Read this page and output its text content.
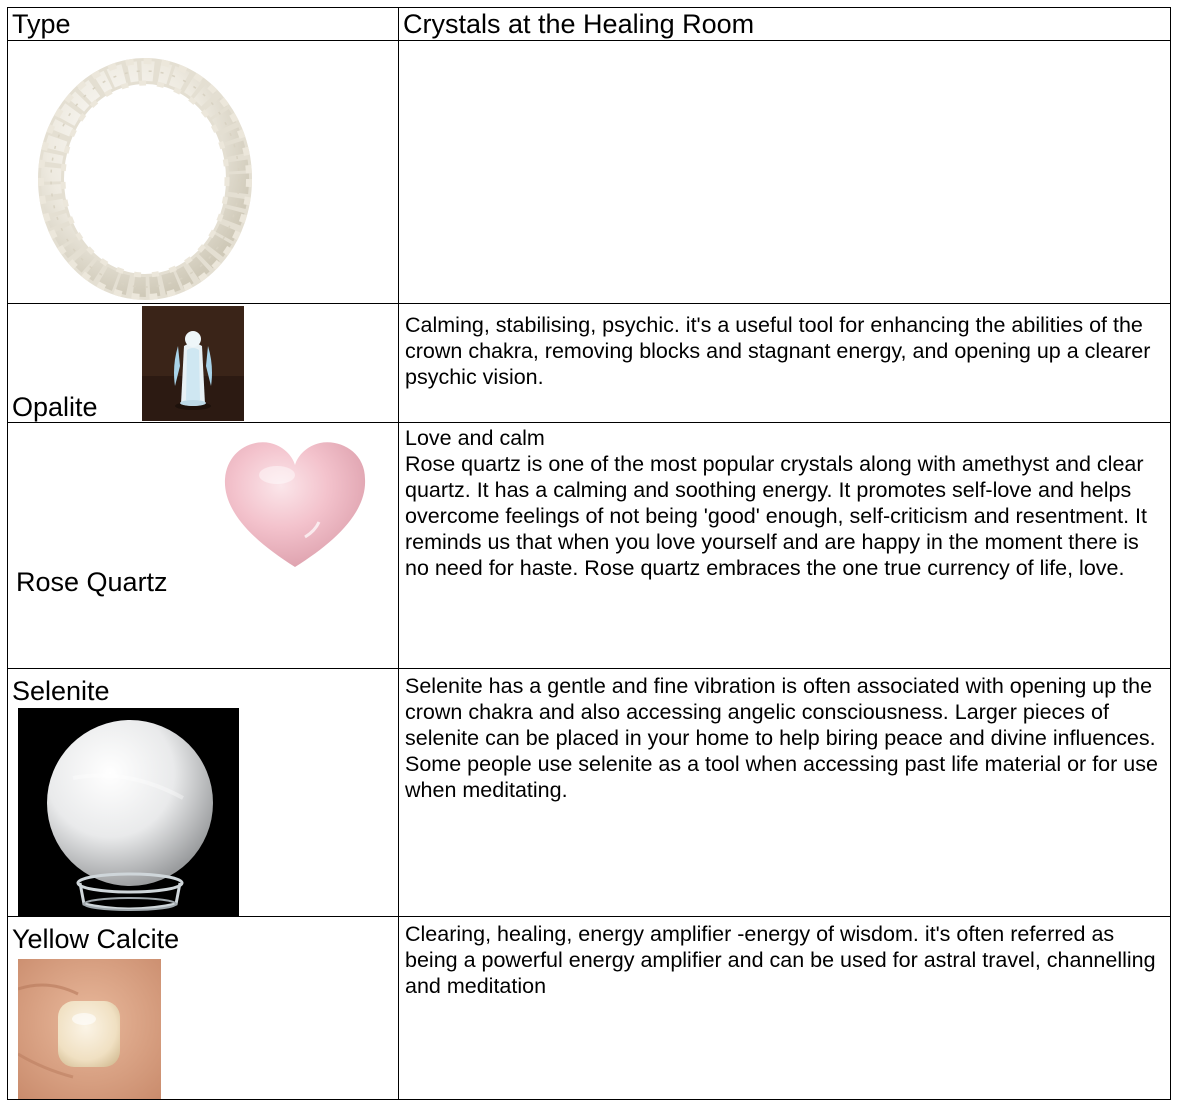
Type	Crystals at the Healing Room

Opalite	Calming, stabilising, psychic. it's a useful tool for enhancing the abilities of the crown chakra, removing blocks and stagnant energy, and opening up a clearer psychic vision.

Rose Quartz	Love and calm
Rose quartz is one of the most popular crystals along with amethyst and clear quartz. It has a calming and soothing energy. It promotes self-love and helps overcome feelings of not being 'good' enough, self-criticism and resentment. It reminds us that when you love yourself and are happy in the moment there is no need for haste. Rose quartz embraces the one true currency of life, love.

Selenite	Selenite has a gentle and fine vibration is often associated with opening up the crown chakra and also accessing angelic consciousness. Larger pieces of selenite can be placed in your home to help biring peace and divine influences. Some people use selenite as a tool when accessing past life material or for use when meditating.

Yellow Calcite	Clearing, healing, energy amplifier -energy of wisdom. it's often referred as being a powerful energy amplifier and can be used for astral travel, channelling and meditation
